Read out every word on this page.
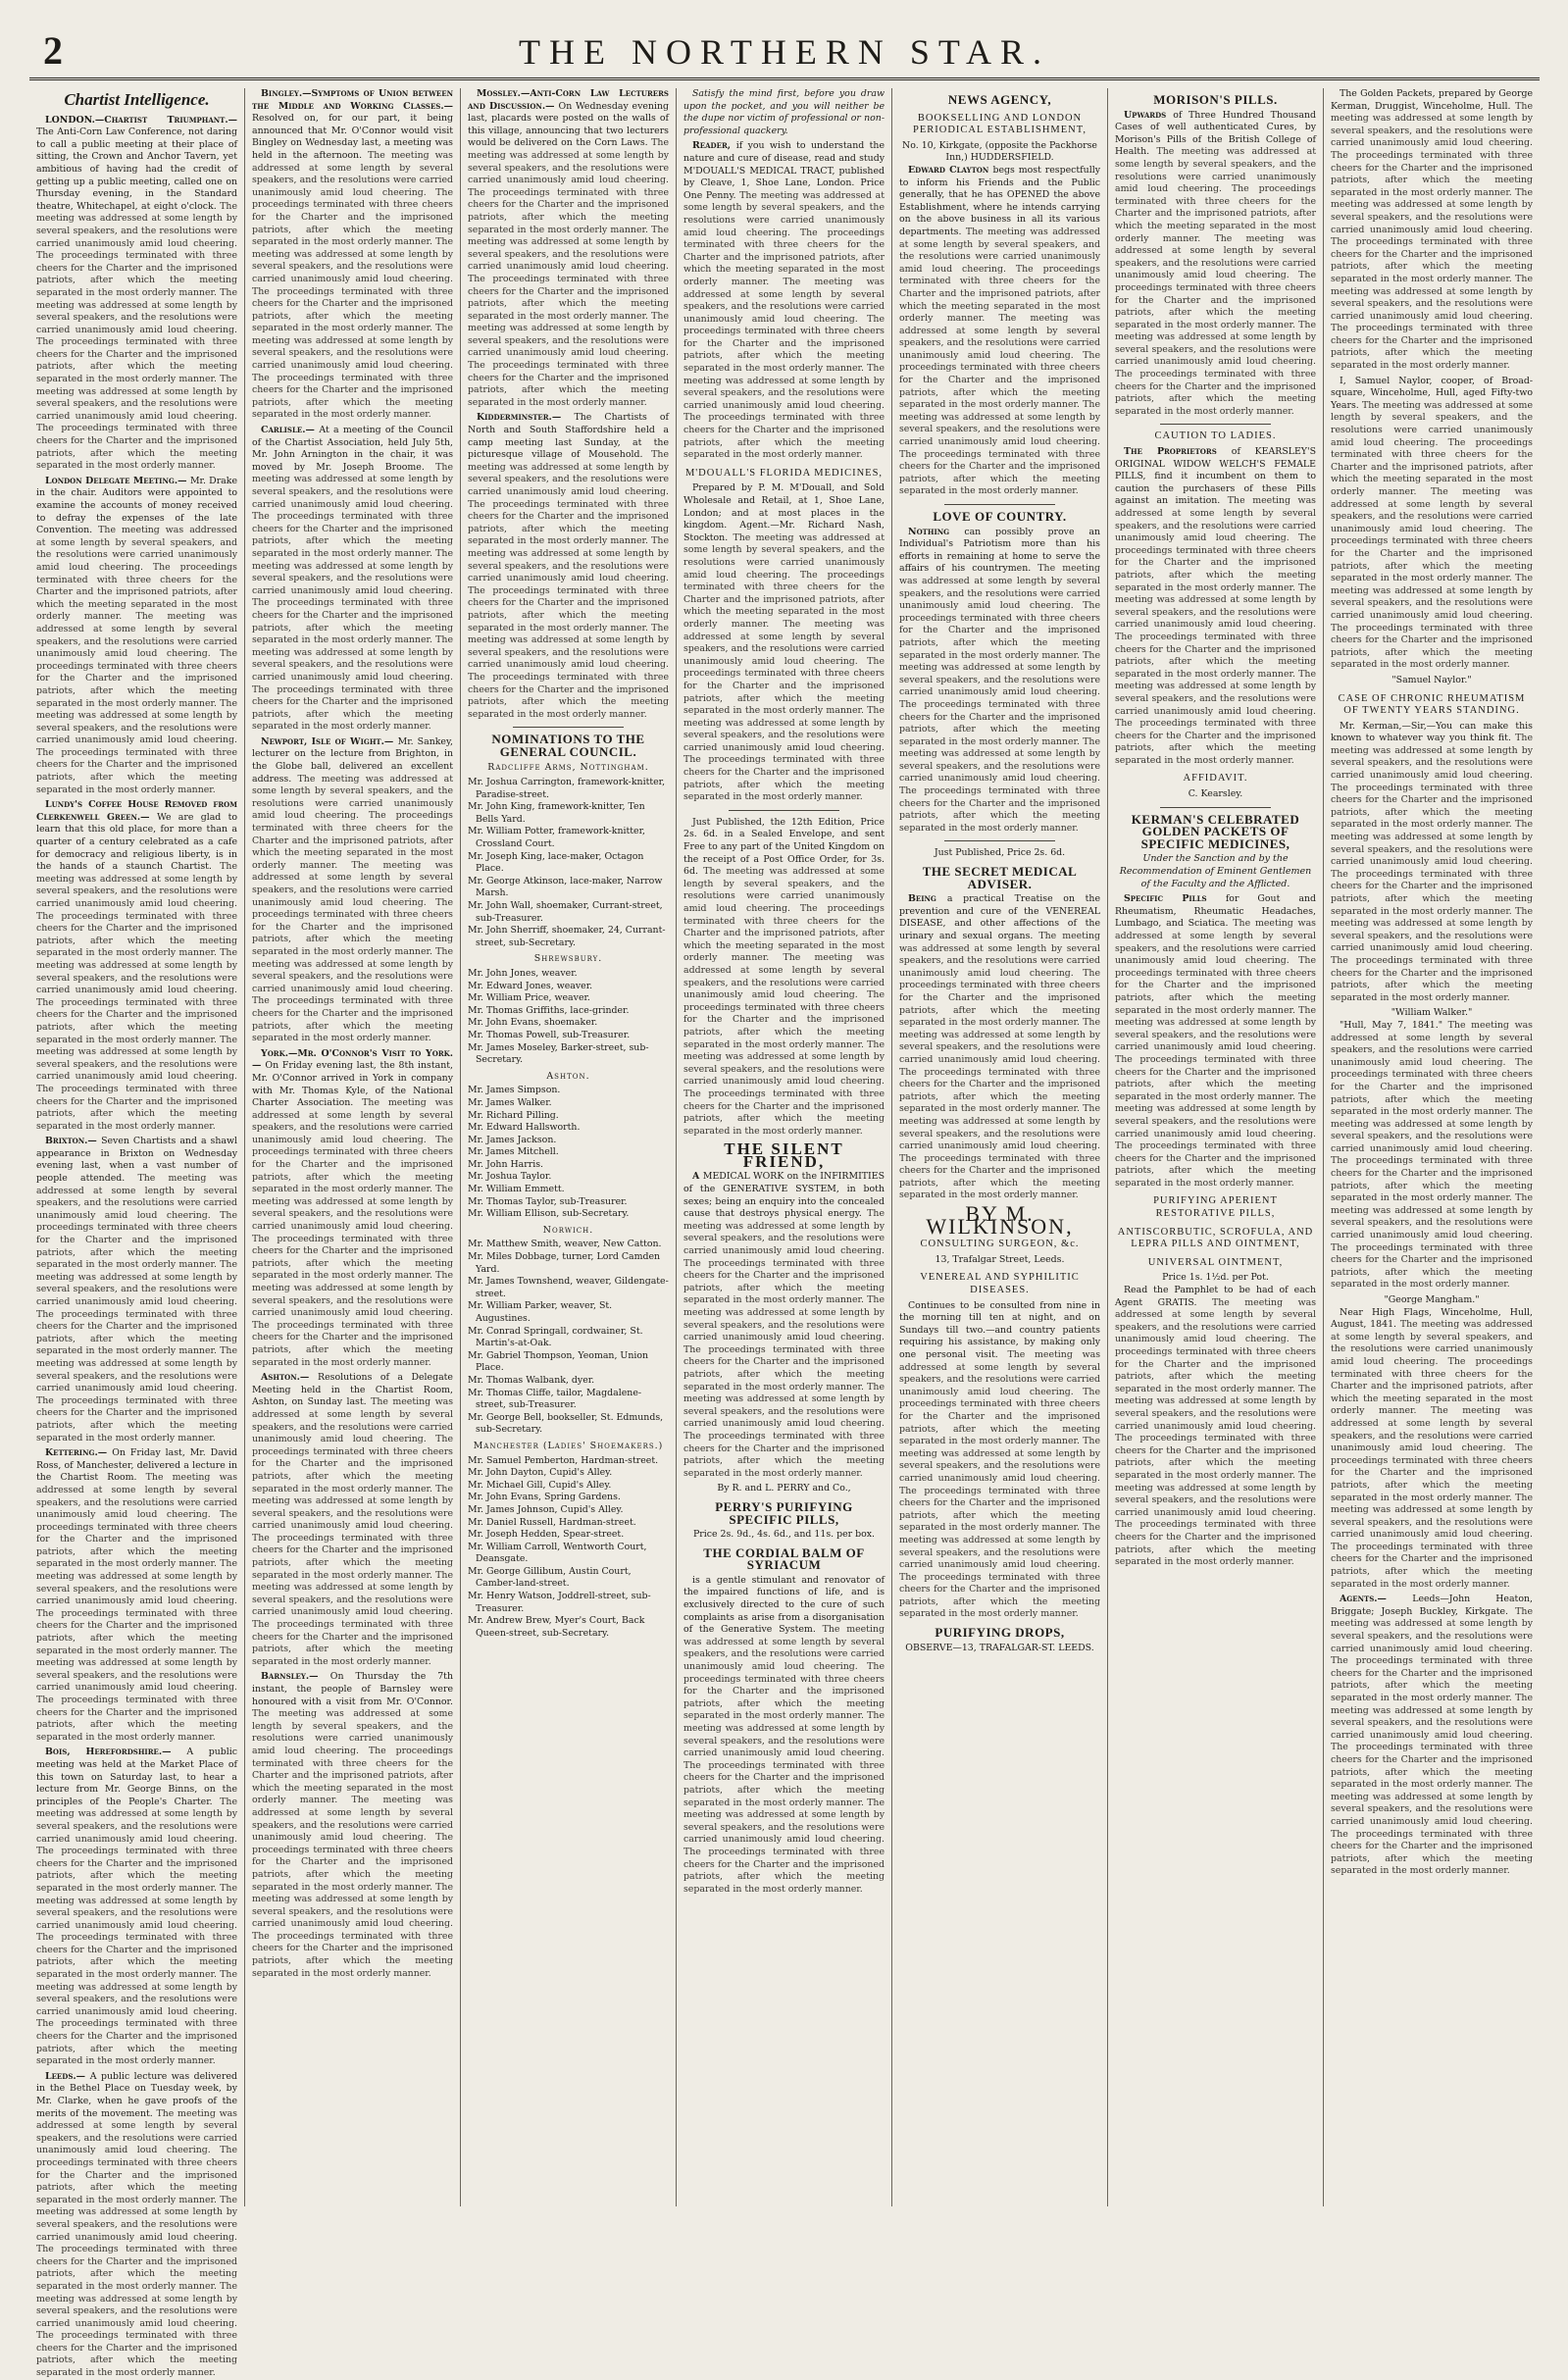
2	THE NORTHERN STAR.
Chartist Intelligence.
LONDON.—Chartist Triumphant.— The Anti-Corn Law Conference, not daring to call a public meeting at their place of sitting, the Crown and Anchor Tavern, yet ambitious of having had the credit of getting up a public meeting, called one on Thursday evening, in the Standard theatre, Whitechapel, at eight o'clock. The meeting was addressed at some length by several speakers, and the resolutions were carried unanimously amid loud cheering. The proceedings terminated with three cheers for the Charter and the imprisoned patriots, after which the meeting separated in the most orderly manner. The meeting was addressed at some length by several speakers, and the resolutions were carried unanimously amid loud cheering. The proceedings terminated with three cheers for the Charter and the imprisoned patriots, after which the meeting separated in the most orderly manner. The meeting was addressed at some length by several speakers, and the resolutions were carried unanimously amid loud cheering. The proceedings terminated with three cheers for the Charter and the imprisoned patriots, after which the meeting separated in the most orderly manner.
London Delegate Meeting.— Mr. Drake in the chair. Auditors were appointed to examine the accounts of money received to defray the expenses of the late Convention. The meeting was addressed at some length by several speakers, and the resolutions were carried unanimously amid loud cheering. The proceedings terminated with three cheers for the Charter and the imprisoned patriots, after which the meeting separated in the most orderly manner. The meeting was addressed at some length by several speakers, and the resolutions were carried unanimously amid loud cheering. The proceedings terminated with three cheers for the Charter and the imprisoned patriots, after which the meeting separated in the most orderly manner. The meeting was addressed at some length by several speakers, and the resolutions were carried unanimously amid loud cheering. The proceedings terminated with three cheers for the Charter and the imprisoned patriots, after which the meeting separated in the most orderly manner.
Lundy's Coffee House Removed from Clerkenwell Green.— We are glad to learn that this old place, for more than a quarter of a century celebrated as a cafe for democracy and religious liberty, is in the hands of a staunch Chartist. The meeting was addressed at some length by several speakers, and the resolutions were carried unanimously amid loud cheering. The proceedings terminated with three cheers for the Charter and the imprisoned patriots, after which the meeting separated in the most orderly manner. The meeting was addressed at some length by several speakers, and the resolutions were carried unanimously amid loud cheering. The proceedings terminated with three cheers for the Charter and the imprisoned patriots, after which the meeting separated in the most orderly manner. The meeting was addressed at some length by several speakers, and the resolutions were carried unanimously amid loud cheering. The proceedings terminated with three cheers for the Charter and the imprisoned patriots, after which the meeting separated in the most orderly manner.
Brixton.— Seven Chartists and a shawl appearance in Brixton on Wednesday evening last, when a vast number of people attended. The meeting was addressed at some length by several speakers, and the resolutions were carried unanimously amid loud cheering. The proceedings terminated with three cheers for the Charter and the imprisoned patriots, after which the meeting separated in the most orderly manner. The meeting was addressed at some length by several speakers, and the resolutions were carried unanimously amid loud cheering. The proceedings terminated with three cheers for the Charter and the imprisoned patriots, after which the meeting separated in the most orderly manner. The meeting was addressed at some length by several speakers, and the resolutions were carried unanimously amid loud cheering. The proceedings terminated with three cheers for the Charter and the imprisoned patriots, after which the meeting separated in the most orderly manner.
Kettering.— On Friday last, Mr. David Ross, of Manchester, delivered a lecture in the Chartist Room. The meeting was addressed at some length by several speakers, and the resolutions were carried unanimously amid loud cheering. The proceedings terminated with three cheers for the Charter and the imprisoned patriots, after which the meeting separated in the most orderly manner. The meeting was addressed at some length by several speakers, and the resolutions were carried unanimously amid loud cheering. The proceedings terminated with three cheers for the Charter and the imprisoned patriots, after which the meeting separated in the most orderly manner. The meeting was addressed at some length by several speakers, and the resolutions were carried unanimously amid loud cheering. The proceedings terminated with three cheers for the Charter and the imprisoned patriots, after which the meeting separated in the most orderly manner.
Bois, Herefordshire.— A public meeting was held at the Market Place of this town on Saturday last, to hear a lecture from Mr. George Binns, on the principles of the People's Charter. The meeting was addressed at some length by several speakers, and the resolutions were carried unanimously amid loud cheering. The proceedings terminated with three cheers for the Charter and the imprisoned patriots, after which the meeting separated in the most orderly manner. The meeting was addressed at some length by several speakers, and the resolutions were carried unanimously amid loud cheering. The proceedings terminated with three cheers for the Charter and the imprisoned patriots, after which the meeting separated in the most orderly manner. The meeting was addressed at some length by several speakers, and the resolutions were carried unanimously amid loud cheering. The proceedings terminated with three cheers for the Charter and the imprisoned patriots, after which the meeting separated in the most orderly manner.
Leeds.— A public lecture was delivered in the Bethel Place on Tuesday week, by Mr. Clarke, when he gave proofs of the merits of the movement. The meeting was addressed at some length by several speakers, and the resolutions were carried unanimously amid loud cheering. The proceedings terminated with three cheers for the Charter and the imprisoned patriots, after which the meeting separated in the most orderly manner. The meeting was addressed at some length by several speakers, and the resolutions were carried unanimously amid loud cheering. The proceedings terminated with three cheers for the Charter and the imprisoned patriots, after which the meeting separated in the most orderly manner. The meeting was addressed at some length by several speakers, and the resolutions were carried unanimously amid loud cheering. The proceedings terminated with three cheers for the Charter and the imprisoned patriots, after which the meeting separated in the most orderly manner.
Bingley.—Symptoms of Union between the Middle and Working Classes.— Resolved on, for our part, it being announced that Mr. O'Connor would visit Bingley on Wednesday last, a meeting was held in the afternoon. The meeting was addressed at some length by several speakers, and the resolutions were carried unanimously amid loud cheering. The proceedings terminated with three cheers for the Charter and the imprisoned patriots, after which the meeting separated in the most orderly manner. The meeting was addressed at some length by several speakers, and the resolutions were carried unanimously amid loud cheering. The proceedings terminated with three cheers for the Charter and the imprisoned patriots, after which the meeting separated in the most orderly manner. The meeting was addressed at some length by several speakers, and the resolutions were carried unanimously amid loud cheering. The proceedings terminated with three cheers for the Charter and the imprisoned patriots, after which the meeting separated in the most orderly manner.
Carlisle.— At a meeting of the Council of the Chartist Association, held July 5th, Mr. John Arnington in the chair, it was moved by Mr. Joseph Broome. The meeting was addressed at some length by several speakers, and the resolutions were carried unanimously amid loud cheering. The proceedings terminated with three cheers for the Charter and the imprisoned patriots, after which the meeting separated in the most orderly manner. The meeting was addressed at some length by several speakers, and the resolutions were carried unanimously amid loud cheering. The proceedings terminated with three cheers for the Charter and the imprisoned patriots, after which the meeting separated in the most orderly manner. The meeting was addressed at some length by several speakers, and the resolutions were carried unanimously amid loud cheering. The proceedings terminated with three cheers for the Charter and the imprisoned patriots, after which the meeting separated in the most orderly manner.
Newport, Isle of Wight.— Mr. Sankey, lecturer on the lecture from Brighton, in the Globe ball, delivered an excellent address. The meeting was addressed at some length by several speakers, and the resolutions were carried unanimously amid loud cheering. The proceedings terminated with three cheers for the Charter and the imprisoned patriots, after which the meeting separated in the most orderly manner. The meeting was addressed at some length by several speakers, and the resolutions were carried unanimously amid loud cheering. The proceedings terminated with three cheers for the Charter and the imprisoned patriots, after which the meeting separated in the most orderly manner. The meeting was addressed at some length by several speakers, and the resolutions were carried unanimously amid loud cheering. The proceedings terminated with three cheers for the Charter and the imprisoned patriots, after which the meeting separated in the most orderly manner.
York.—Mr. O'Connor's Visit to York.— On Friday evening last, the 8th instant, Mr. O'Connor arrived in York in company with Mr. Thomas Kyle, of the National Charter Association. The meeting was addressed at some length by several speakers, and the resolutions were carried unanimously amid loud cheering. The proceedings terminated with three cheers for the Charter and the imprisoned patriots, after which the meeting separated in the most orderly manner. The meeting was addressed at some length by several speakers, and the resolutions were carried unanimously amid loud cheering. The proceedings terminated with three cheers for the Charter and the imprisoned patriots, after which the meeting separated in the most orderly manner. The meeting was addressed at some length by several speakers, and the resolutions were carried unanimously amid loud cheering. The proceedings terminated with three cheers for the Charter and the imprisoned patriots, after which the meeting separated in the most orderly manner.
Ashton.— Resolutions of a Delegate Meeting held in the Chartist Room, Ashton, on Sunday last. The meeting was addressed at some length by several speakers, and the resolutions were carried unanimously amid loud cheering. The proceedings terminated with three cheers for the Charter and the imprisoned patriots, after which the meeting separated in the most orderly manner. The meeting was addressed at some length by several speakers, and the resolutions were carried unanimously amid loud cheering. The proceedings terminated with three cheers for the Charter and the imprisoned patriots, after which the meeting separated in the most orderly manner. The meeting was addressed at some length by several speakers, and the resolutions were carried unanimously amid loud cheering. The proceedings terminated with three cheers for the Charter and the imprisoned patriots, after which the meeting separated in the most orderly manner.
Barnsley.— On Thursday the 7th instant, the people of Barnsley were honoured with a visit from Mr. O'Connor. The meeting was addressed at some length by several speakers, and the resolutions were carried unanimously amid loud cheering. The proceedings terminated with three cheers for the Charter and the imprisoned patriots, after which the meeting separated in the most orderly manner. The meeting was addressed at some length by several speakers, and the resolutions were carried unanimously amid loud cheering. The proceedings terminated with three cheers for the Charter and the imprisoned patriots, after which the meeting separated in the most orderly manner. The meeting was addressed at some length by several speakers, and the resolutions were carried unanimously amid loud cheering. The proceedings terminated with three cheers for the Charter and the imprisoned patriots, after which the meeting separated in the most orderly manner.
Mossley.—Anti-Corn Law Lecturers and Discussion.— On Wednesday evening last, placards were posted on the walls of this village, announcing that two lecturers would be delivered on the Corn Laws. The meeting was addressed at some length by several speakers, and the resolutions were carried unanimously amid loud cheering. The proceedings terminated with three cheers for the Charter and the imprisoned patriots, after which the meeting separated in the most orderly manner. The meeting was addressed at some length by several speakers, and the resolutions were carried unanimously amid loud cheering. The proceedings terminated with three cheers for the Charter and the imprisoned patriots, after which the meeting separated in the most orderly manner. The meeting was addressed at some length by several speakers, and the resolutions were carried unanimously amid loud cheering. The proceedings terminated with three cheers for the Charter and the imprisoned patriots, after which the meeting separated in the most orderly manner.
Kidderminster.— The Chartists of North and South Staffordshire held a camp meeting last Sunday, at the picturesque village of Mousehold. The meeting was addressed at some length by several speakers, and the resolutions were carried unanimously amid loud cheering. The proceedings terminated with three cheers for the Charter and the imprisoned patriots, after which the meeting separated in the most orderly manner. The meeting was addressed at some length by several speakers, and the resolutions were carried unanimously amid loud cheering. The proceedings terminated with three cheers for the Charter and the imprisoned patriots, after which the meeting separated in the most orderly manner. The meeting was addressed at some length by several speakers, and the resolutions were carried unanimously amid loud cheering. The proceedings terminated with three cheers for the Charter and the imprisoned patriots, after which the meeting separated in the most orderly manner.
NOMINATIONS TO THE GENERAL COUNCIL.
Radcliffe Arms, Nottingham.
Mr. Joshua Carrington, framework-knitter, Paradise-street.
Mr. John King, framework-knitter, Ten Bells Yard.
Mr. William Potter, framework-knitter, Crossland Court.
Mr. Joseph King, lace-maker, Octagon Place.
Mr. George Atkinson, lace-maker, Narrow Marsh.
Mr. John Wall, shoemaker, Currant-street, sub-Treasurer.
Mr. John Sherriff, shoemaker, 24, Currant-street, sub-Secretary.
Shrewsbury.
Mr. John Jones, weaver.
Mr. Edward Jones, weaver.
Mr. William Price, weaver.
Mr. Thomas Griffiths, lace-grinder.
Mr. John Evans, shoemaker.
Mr. Thomas Powell, sub-Treasurer.
Mr. James Moseley, Barker-street, sub-Secretary.
Ashton.
Mr. James Simpson.
Mr. James Walker.
Mr. Richard Pilling.
Mr. Edward Hallsworth.
Mr. James Jackson.
Mr. James Mitchell.
Mr. John Harris.
Mr. Joshua Taylor.
Mr. William Emmett.
Mr. Thomas Taylor, sub-Treasurer.
Mr. William Ellison, sub-Secretary.
Norwich.
Mr. Matthew Smith, weaver, New Catton.
Mr. Miles Dobbage, turner, Lord Camden Yard.
Mr. James Townshend, weaver, Gildengate-street.
Mr. William Parker, weaver, St. Augustines.
Mr. Conrad Springall, cordwainer, St. Martin's-at-Oak.
Mr. Gabriel Thompson, Yeoman, Union Place.
Mr. Thomas Walbank, dyer.
Mr. Thomas Cliffe, tailor, Magdalene-street, sub-Treasurer.
Mr. George Bell, bookseller, St. Edmunds, sub-Secretary.
Manchester (Ladies' Shoemakers.)
Mr. Samuel Pemberton, Hardman-street.
Mr. John Dayton, Cupid's Alley.
Mr. Michael Gill, Cupid's Alley.
Mr. John Evans, Spring Gardens.
Mr. James Johnson, Cupid's Alley.
Mr. Daniel Russell, Hardman-street.
Mr. Joseph Hedden, Spear-street.
Mr. William Carroll, Wentworth Court, Deansgate.
Mr. George Gillibum, Austin Court, Camber-land-street.
Mr. Henry Watson, Joddrell-street, sub-Treasurer.
Mr. Andrew Brew, Myer's Court, Back Queen-street, sub-Secretary.
Satisfy the mind first, before you draw upon the pocket, and you will neither be the dupe nor victim of professional or non-professional quackery.
Reader, if you wish to understand the nature and cure of disease, read and study M'DOUALL'S MEDICAL TRACT, published by Cleave, 1, Shoe Lane, London. Price One Penny. The meeting was addressed at some length by several speakers, and the resolutions were carried unanimously amid loud cheering. The proceedings terminated with three cheers for the Charter and the imprisoned patriots, after which the meeting separated in the most orderly manner. The meeting was addressed at some length by several speakers, and the resolutions were carried unanimously amid loud cheering. The proceedings terminated with three cheers for the Charter and the imprisoned patriots, after which the meeting separated in the most orderly manner. The meeting was addressed at some length by several speakers, and the resolutions were carried unanimously amid loud cheering. The proceedings terminated with three cheers for the Charter and the imprisoned patriots, after which the meeting separated in the most orderly manner.
M'DOUALL'S FLORIDA MEDICINES,
Prepared by P. M. M'Douall, and Sold Wholesale and Retail, at 1, Shoe Lane, London; and at most places in the kingdom. Agent.—Mr. Richard Nash, Stockton. The meeting was addressed at some length by several speakers, and the resolutions were carried unanimously amid loud cheering. The proceedings terminated with three cheers for the Charter and the imprisoned patriots, after which the meeting separated in the most orderly manner. The meeting was addressed at some length by several speakers, and the resolutions were carried unanimously amid loud cheering. The proceedings terminated with three cheers for the Charter and the imprisoned patriots, after which the meeting separated in the most orderly manner. The meeting was addressed at some length by several speakers, and the resolutions were carried unanimously amid loud cheering. The proceedings terminated with three cheers for the Charter and the imprisoned patriots, after which the meeting separated in the most orderly manner.
Just Published, the 12th Edition, Price 2s. 6d. in a Sealed Envelope, and sent Free to any part of the United Kingdom on the receipt of a Post Office Order, for 3s. 6d. The meeting was addressed at some length by several speakers, and the resolutions were carried unanimously amid loud cheering. The proceedings terminated with three cheers for the Charter and the imprisoned patriots, after which the meeting separated in the most orderly manner. The meeting was addressed at some length by several speakers, and the resolutions were carried unanimously amid loud cheering. The proceedings terminated with three cheers for the Charter and the imprisoned patriots, after which the meeting separated in the most orderly manner. The meeting was addressed at some length by several speakers, and the resolutions were carried unanimously amid loud cheering. The proceedings terminated with three cheers for the Charter and the imprisoned patriots, after which the meeting separated in the most orderly manner.
THE SILENT FRIEND,
A MEDICAL WORK on the INFIRMITIES of the GENERATIVE SYSTEM, in both sexes; being an enquiry into the concealed cause that destroys physical energy. The meeting was addressed at some length by several speakers, and the resolutions were carried unanimously amid loud cheering. The proceedings terminated with three cheers for the Charter and the imprisoned patriots, after which the meeting separated in the most orderly manner. The meeting was addressed at some length by several speakers, and the resolutions were carried unanimously amid loud cheering. The proceedings terminated with three cheers for the Charter and the imprisoned patriots, after which the meeting separated in the most orderly manner. The meeting was addressed at some length by several speakers, and the resolutions were carried unanimously amid loud cheering. The proceedings terminated with three cheers for the Charter and the imprisoned patriots, after which the meeting separated in the most orderly manner.
By R. and L. PERRY and Co.,
PERRY'S PURIFYING SPECIFIC PILLS,
Price 2s. 9d., 4s. 6d., and 11s. per box.
THE CORDIAL BALM OF SYRIACUM
is a gentle stimulant and renovator of the impaired functions of life, and is exclusively directed to the cure of such complaints as arise from a disorganisation of the Generative System. The meeting was addressed at some length by several speakers, and the resolutions were carried unanimously amid loud cheering. The proceedings terminated with three cheers for the Charter and the imprisoned patriots, after which the meeting separated in the most orderly manner. The meeting was addressed at some length by several speakers, and the resolutions were carried unanimously amid loud cheering. The proceedings terminated with three cheers for the Charter and the imprisoned patriots, after which the meeting separated in the most orderly manner. The meeting was addressed at some length by several speakers, and the resolutions were carried unanimously amid loud cheering. The proceedings terminated with three cheers for the Charter and the imprisoned patriots, after which the meeting separated in the most orderly manner.
NEWS AGENCY,
BOOKSELLING AND LONDON PERIODICAL ESTABLISHMENT,
No. 10, Kirkgate, (opposite the Packhorse Inn,) HUDDERSFIELD.
Edward Clayton begs most respectfully to inform his Friends and the Public generally, that he has OPENED the above Establishment, where he intends carrying on the above business in all its various departments. The meeting was addressed at some length by several speakers, and the resolutions were carried unanimously amid loud cheering. The proceedings terminated with three cheers for the Charter and the imprisoned patriots, after which the meeting separated in the most orderly manner. The meeting was addressed at some length by several speakers, and the resolutions were carried unanimously amid loud cheering. The proceedings terminated with three cheers for the Charter and the imprisoned patriots, after which the meeting separated in the most orderly manner. The meeting was addressed at some length by several speakers, and the resolutions were carried unanimously amid loud cheering. The proceedings terminated with three cheers for the Charter and the imprisoned patriots, after which the meeting separated in the most orderly manner.
LOVE OF COUNTRY.
Nothing can possibly prove an Individual's Patriotism more than his efforts in remaining at home to serve the affairs of his countrymen. The meeting was addressed at some length by several speakers, and the resolutions were carried unanimously amid loud cheering. The proceedings terminated with three cheers for the Charter and the imprisoned patriots, after which the meeting separated in the most orderly manner. The meeting was addressed at some length by several speakers, and the resolutions were carried unanimously amid loud cheering. The proceedings terminated with three cheers for the Charter and the imprisoned patriots, after which the meeting separated in the most orderly manner. The meeting was addressed at some length by several speakers, and the resolutions were carried unanimously amid loud cheering. The proceedings terminated with three cheers for the Charter and the imprisoned patriots, after which the meeting separated in the most orderly manner.
Just Published, Price 2s. 6d.
THE SECRET MEDICAL ADVISER.
Being a practical Treatise on the prevention and cure of the VENEREAL DISEASE, and other affections of the urinary and sexual organs. The meeting was addressed at some length by several speakers, and the resolutions were carried unanimously amid loud cheering. The proceedings terminated with three cheers for the Charter and the imprisoned patriots, after which the meeting separated in the most orderly manner. The meeting was addressed at some length by several speakers, and the resolutions were carried unanimously amid loud cheering. The proceedings terminated with three cheers for the Charter and the imprisoned patriots, after which the meeting separated in the most orderly manner. The meeting was addressed at some length by several speakers, and the resolutions were carried unanimously amid loud cheering. The proceedings terminated with three cheers for the Charter and the imprisoned patriots, after which the meeting separated in the most orderly manner.
BY M. WILKINSON,
CONSULTING SURGEON, &c.
13, Trafalgar Street, Leeds.
VENEREAL AND SYPHILITIC DISEASES.
Continues to be consulted from nine in the morning till ten at night, and on Sundays till two.—and country patients requiring his assistance, by making only one personal visit. The meeting was addressed at some length by several speakers, and the resolutions were carried unanimously amid loud cheering. The proceedings terminated with three cheers for the Charter and the imprisoned patriots, after which the meeting separated in the most orderly manner. The meeting was addressed at some length by several speakers, and the resolutions were carried unanimously amid loud cheering. The proceedings terminated with three cheers for the Charter and the imprisoned patriots, after which the meeting separated in the most orderly manner. The meeting was addressed at some length by several speakers, and the resolutions were carried unanimously amid loud cheering. The proceedings terminated with three cheers for the Charter and the imprisoned patriots, after which the meeting separated in the most orderly manner.
PURIFYING DROPS,
OBSERVE—13, TRAFALGAR-ST. LEEDS.
MORISON'S PILLS.
Upwards of Three Hundred Thousand Cases of well authenticated Cures, by Morison's Pills of the British College of Health. The meeting was addressed at some length by several speakers, and the resolutions were carried unanimously amid loud cheering. The proceedings terminated with three cheers for the Charter and the imprisoned patriots, after which the meeting separated in the most orderly manner. The meeting was addressed at some length by several speakers, and the resolutions were carried unanimously amid loud cheering. The proceedings terminated with three cheers for the Charter and the imprisoned patriots, after which the meeting separated in the most orderly manner. The meeting was addressed at some length by several speakers, and the resolutions were carried unanimously amid loud cheering. The proceedings terminated with three cheers for the Charter and the imprisoned patriots, after which the meeting separated in the most orderly manner.
CAUTION TO LADIES.
The Proprietors of KEARSLEY'S ORIGINAL WIDOW WELCH'S FEMALE PILLS, find it incumbent on them to caution the purchasers of these Pills against an imitation. The meeting was addressed at some length by several speakers, and the resolutions were carried unanimously amid loud cheering. The proceedings terminated with three cheers for the Charter and the imprisoned patriots, after which the meeting separated in the most orderly manner. The meeting was addressed at some length by several speakers, and the resolutions were carried unanimously amid loud cheering. The proceedings terminated with three cheers for the Charter and the imprisoned patriots, after which the meeting separated in the most orderly manner. The meeting was addressed at some length by several speakers, and the resolutions were carried unanimously amid loud cheering. The proceedings terminated with three cheers for the Charter and the imprisoned patriots, after which the meeting separated in the most orderly manner.
AFFIDAVIT.
C. Kearsley.
KERMAN'S CELEBRATED GOLDEN PACKETS OF SPECIFIC MEDICINES,
Under the Sanction and by the Recommendation of Eminent Gentlemen of the Faculty and the Afflicted.
Specific Pills for Gout and Rheumatism, Rheumatic Headaches, Lumbago, and Sciatica. The meeting was addressed at some length by several speakers, and the resolutions were carried unanimously amid loud cheering. The proceedings terminated with three cheers for the Charter and the imprisoned patriots, after which the meeting separated in the most orderly manner. The meeting was addressed at some length by several speakers, and the resolutions were carried unanimously amid loud cheering. The proceedings terminated with three cheers for the Charter and the imprisoned patriots, after which the meeting separated in the most orderly manner. The meeting was addressed at some length by several speakers, and the resolutions were carried unanimously amid loud cheering. The proceedings terminated with three cheers for the Charter and the imprisoned patriots, after which the meeting separated in the most orderly manner.
PURIFYING APERIENT RESTORATIVE PILLS,
ANTISCORBUTIC, SCROFULA, AND LEPRA PILLS AND OINTMENT,
UNIVERSAL OINTMENT,
Price 1s. 1½d. per Pot.
Read the Pamphlet to be had of each Agent GRATIS. The meeting was addressed at some length by several speakers, and the resolutions were carried unanimously amid loud cheering. The proceedings terminated with three cheers for the Charter and the imprisoned patriots, after which the meeting separated in the most orderly manner. The meeting was addressed at some length by several speakers, and the resolutions were carried unanimously amid loud cheering. The proceedings terminated with three cheers for the Charter and the imprisoned patriots, after which the meeting separated in the most orderly manner. The meeting was addressed at some length by several speakers, and the resolutions were carried unanimously amid loud cheering. The proceedings terminated with three cheers for the Charter and the imprisoned patriots, after which the meeting separated in the most orderly manner.
The Golden Packets, prepared by George Kerman, Druggist, Winceholme, Hull. The meeting was addressed at some length by several speakers, and the resolutions were carried unanimously amid loud cheering. The proceedings terminated with three cheers for the Charter and the imprisoned patriots, after which the meeting separated in the most orderly manner. The meeting was addressed at some length by several speakers, and the resolutions were carried unanimously amid loud cheering. The proceedings terminated with three cheers for the Charter and the imprisoned patriots, after which the meeting separated in the most orderly manner. The meeting was addressed at some length by several speakers, and the resolutions were carried unanimously amid loud cheering. The proceedings terminated with three cheers for the Charter and the imprisoned patriots, after which the meeting separated in the most orderly manner.
I, Samuel Naylor, cooper, of Broad-square, Winceholme, Hull, aged Fifty-two Years. The meeting was addressed at some length by several speakers, and the resolutions were carried unanimously amid loud cheering. The proceedings terminated with three cheers for the Charter and the imprisoned patriots, after which the meeting separated in the most orderly manner. The meeting was addressed at some length by several speakers, and the resolutions were carried unanimously amid loud cheering. The proceedings terminated with three cheers for the Charter and the imprisoned patriots, after which the meeting separated in the most orderly manner. The meeting was addressed at some length by several speakers, and the resolutions were carried unanimously amid loud cheering. The proceedings terminated with three cheers for the Charter and the imprisoned patriots, after which the meeting separated in the most orderly manner.
"Samuel Naylor."
CASE OF CHRONIC RHEUMATISM OF TWENTY YEARS STANDING.
Mr. Kerman,—Sir,—You can make this known to whatever way you think fit. The meeting was addressed at some length by several speakers, and the resolutions were carried unanimously amid loud cheering. The proceedings terminated with three cheers for the Charter and the imprisoned patriots, after which the meeting separated in the most orderly manner. The meeting was addressed at some length by several speakers, and the resolutions were carried unanimously amid loud cheering. The proceedings terminated with three cheers for the Charter and the imprisoned patriots, after which the meeting separated in the most orderly manner. The meeting was addressed at some length by several speakers, and the resolutions were carried unanimously amid loud cheering. The proceedings terminated with three cheers for the Charter and the imprisoned patriots, after which the meeting separated in the most orderly manner.
"William Walker."
"Hull, May 7, 1841." The meeting was addressed at some length by several speakers, and the resolutions were carried unanimously amid loud cheering. The proceedings terminated with three cheers for the Charter and the imprisoned patriots, after which the meeting separated in the most orderly manner. The meeting was addressed at some length by several speakers, and the resolutions were carried unanimously amid loud cheering. The proceedings terminated with three cheers for the Charter and the imprisoned patriots, after which the meeting separated in the most orderly manner. The meeting was addressed at some length by several speakers, and the resolutions were carried unanimously amid loud cheering. The proceedings terminated with three cheers for the Charter and the imprisoned patriots, after which the meeting separated in the most orderly manner.
"George Mangham."
Near High Flags, Winceholme, Hull, August, 1841. The meeting was addressed at some length by several speakers, and the resolutions were carried unanimously amid loud cheering. The proceedings terminated with three cheers for the Charter and the imprisoned patriots, after which the meeting separated in the most orderly manner. The meeting was addressed at some length by several speakers, and the resolutions were carried unanimously amid loud cheering. The proceedings terminated with three cheers for the Charter and the imprisoned patriots, after which the meeting separated in the most orderly manner. The meeting was addressed at some length by several speakers, and the resolutions were carried unanimously amid loud cheering. The proceedings terminated with three cheers for the Charter and the imprisoned patriots, after which the meeting separated in the most orderly manner.
Agents.— Leeds—John Heaton, Briggate; Joseph Buckley, Kirkgate. The meeting was addressed at some length by several speakers, and the resolutions were carried unanimously amid loud cheering. The proceedings terminated with three cheers for the Charter and the imprisoned patriots, after which the meeting separated in the most orderly manner. The meeting was addressed at some length by several speakers, and the resolutions were carried unanimously amid loud cheering. The proceedings terminated with three cheers for the Charter and the imprisoned patriots, after which the meeting separated in the most orderly manner. The meeting was addressed at some length by several speakers, and the resolutions were carried unanimously amid loud cheering. The proceedings terminated with three cheers for the Charter and the imprisoned patriots, after which the meeting separated in the most orderly manner.
